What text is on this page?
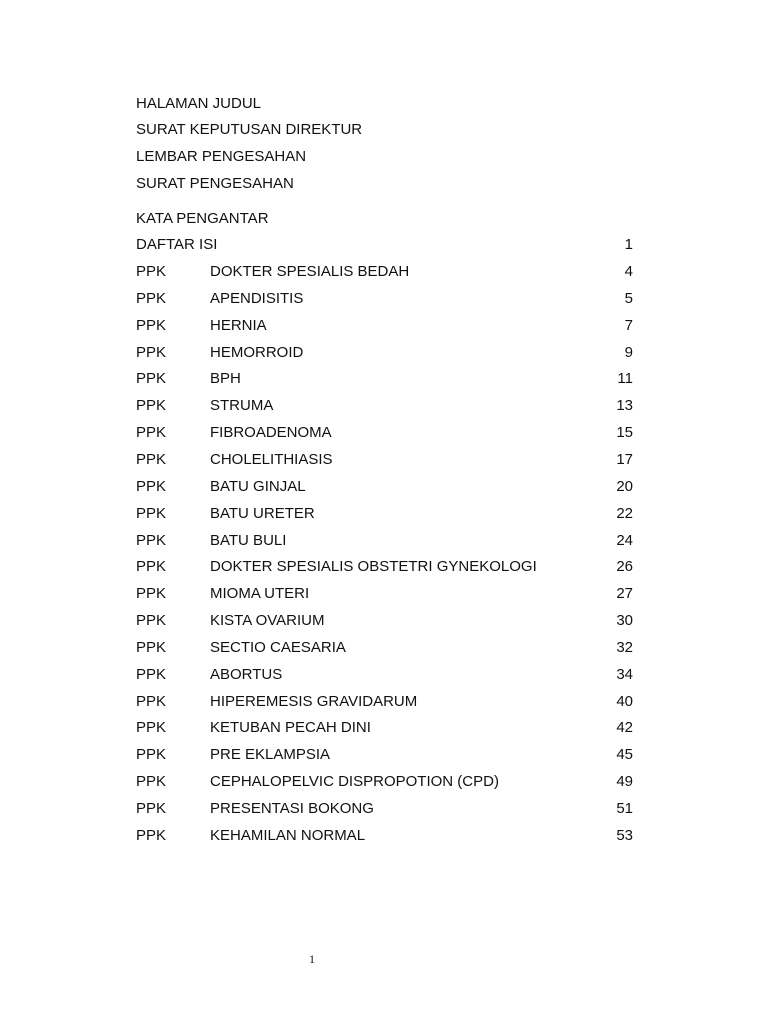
HALAMAN JUDUL
SURAT KEPUTUSAN DIREKTUR
LEMBAR PENGESAHAN
SURAT PENGESAHAN
KATA PENGANTAR
DAFTAR ISI	1
PPK	DOKTER SPESIALIS BEDAH	4
PPK	APENDISITIS	5
PPK	HERNIA	7
PPK	HEMORROID	9
PPK	BPH	11
PPK	STRUMA	13
PPK	FIBROADENOMA	15
PPK	CHOLELITHIASIS	17
PPK	BATU GINJAL	20
PPK	BATU URETER	22
PPK	BATU BULI	24
PPK	DOKTER SPESIALIS OBSTETRI GYNEKOLOGI	26
PPK	MIOMA UTERI	27
PPK	KISTA OVARIUM	30
PPK	SECTIO CAESARIA	32
PPK	ABORTUS	34
PPK	HIPEREMESIS GRAVIDARUM	40
PPK	KETUBAN PECAH DINI	42
PPK	PRE EKLAMPSIA	45
PPK	CEPHALOPELVIC DISPROPOTION (CPD)	49
PPK	PRESENTASI BOKONG	51
PPK	KEHAMILAN NORMAL	53
1
